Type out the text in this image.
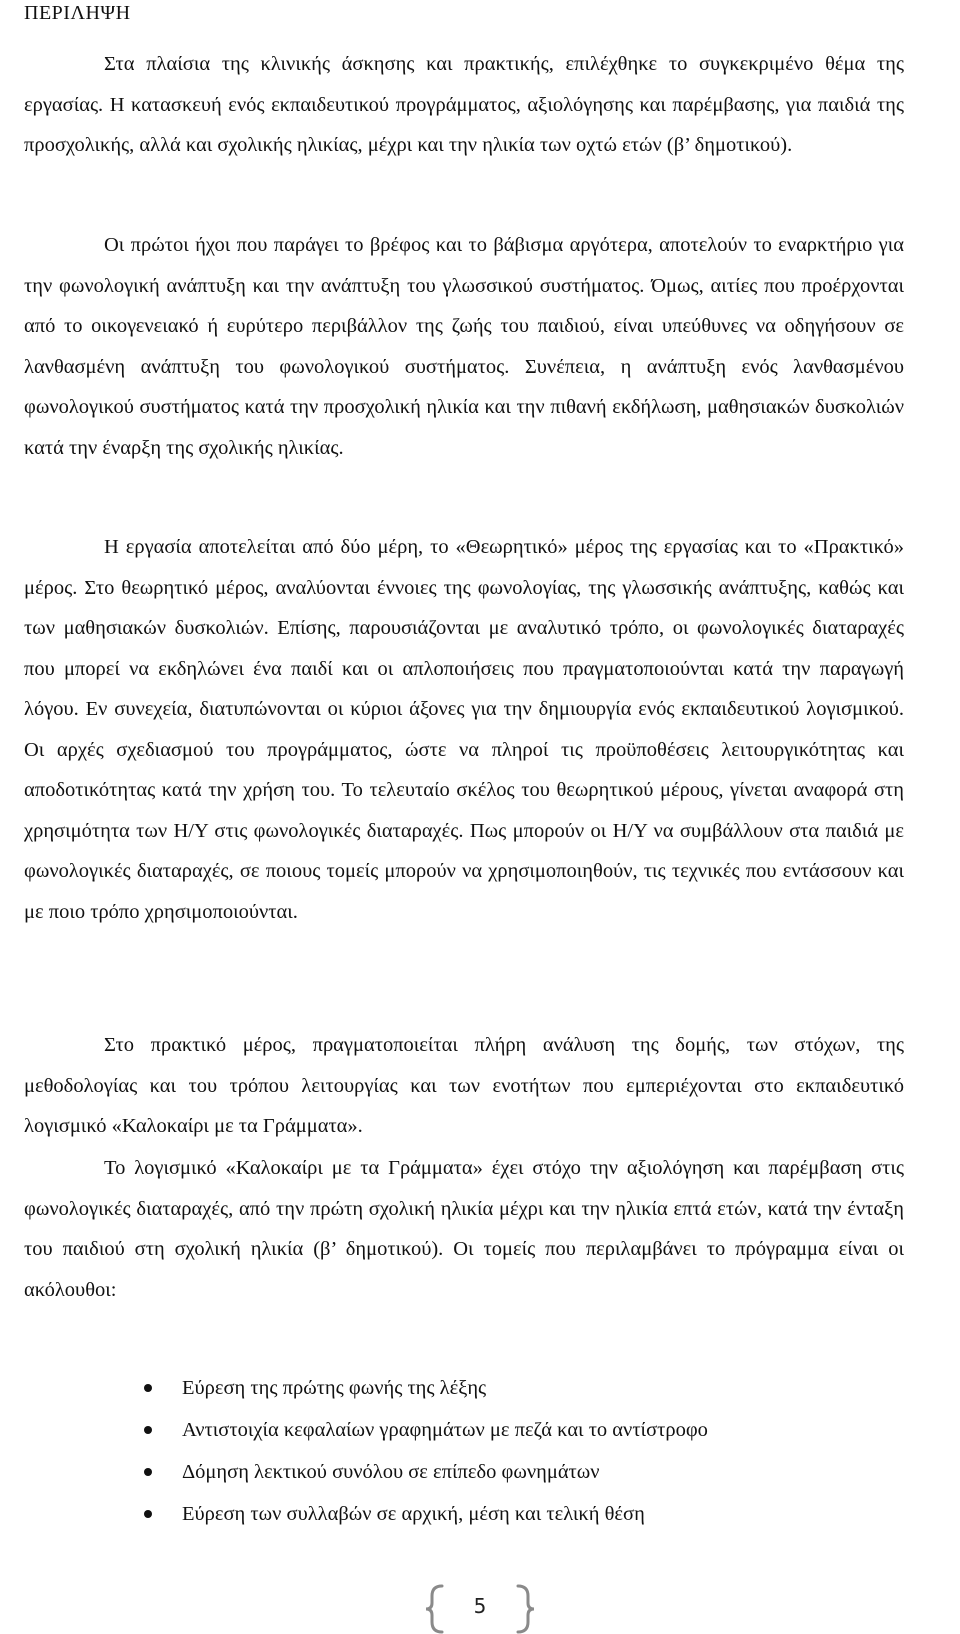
ΠΕΡΙΛΗΨΗ

Στα πλαίσια της κλινικής άσκησης και πρακτικής, επιλέχθηκε το συγκεκριμένο θέμα της εργασίας. Η κατασκευή ενός εκπαιδευτικού προγράμματος, αξιολόγησης και παρέμβασης, για παιδιά της προσχολικής, αλλά και σχολικής ηλικίας, μέχρι και την ηλικία των οχτώ ετών (β’ δημοτικού).

Οι πρώτοι ήχοι που παράγει το βρέφος και το βάβισμα αργότερα, αποτελούν το εναρκτήριο για την φωνολογική ανάπτυξη και την ανάπτυξη του γλωσσικού συστήματος. Όμως, αιτίες που προέρχονται από το οικογενειακό ή ευρύτερο περιβάλλον της ζωής του παιδιού, είναι υπεύθυνες να οδηγήσουν σε λανθασμένη ανάπτυξη του φωνολογικού συστήματος. Συνέπεια, η ανάπτυξη ενός λανθασμένου φωνολογικού συστήματος κατά την προσχολική ηλικία και την πιθανή εκδήλωση, μαθησιακών δυσκολιών κατά την έναρξη της σχολικής ηλικίας.

Η εργασία αποτελείται από δύο μέρη, το «Θεωρητικό» μέρος της εργασίας και το «Πρακτικό» μέρος. Στο θεωρητικό μέρος, αναλύονται έννοιες της φωνολογίας, της γλωσσικής ανάπτυξης, καθώς και των μαθησιακών δυσκολιών. Επίσης, παρουσιάζονται με αναλυτικό τρόπο, οι φωνολογικές διαταραχές που μπορεί να εκδηλώνει ένα παιδί και οι απλοποιήσεις που πραγματοποιούνται κατά την παραγωγή λόγου. Εν συνεχεία, διατυπώνονται οι κύριοι άξονες για την δημιουργία ενός εκπαιδευτικού λογισμικού. Οι αρχές σχεδιασμού του προγράμματος, ώστε να πληροί τις προϋποθέσεις λειτουργικότητας και αποδοτικότητας κατά την χρήση του. Το τελευταίο σκέλος του θεωρητικού μέρους, γίνεται αναφορά στη χρησιμότητα των Η/Υ στις φωνολογικές διαταραχές. Πως μπορούν οι Η/Υ να συμβάλλουν στα παιδιά με φωνολογικές διαταραχές, σε ποιους τομείς μπορούν να χρησιμοποιηθούν, τις τεχνικές που εντάσσουν και με ποιο τρόπο χρησιμοποιούνται.

Στο πρακτικό μέρος, πραγματοποιείται πλήρη ανάλυση της δομής, των στόχων, της μεθοδολογίας και του τρόπου λειτουργίας και των ενοτήτων που εμπεριέχονται στο εκπαιδευτικό λογισμικό «Καλοκαίρι με τα Γράμματα».

Το λογισμικό «Καλοκαίρι με τα Γράμματα» έχει στόχο την αξιολόγηση και παρέμβαση στις φωνολογικές διαταραχές, από την πρώτη σχολική ηλικία μέχρι και την ηλικία επτά ετών, κατά την ένταξη του παιδιού στη σχολική ηλικία (β’ δημοτικού). Οι τομείς που περιλαμβάνει το πρόγραμμα είναι οι ακόλουθοι:

Εύρεση της πρώτης φωνής της λέξης
Αντιστοιχία κεφαλαίων γραφημάτων με πεζά και το αντίστροφο
Δόμηση λεκτικού συνόλου σε επίπεδο φωνημάτων
Εύρεση των συλλαβών σε αρχική, μέση και τελική θέση
5
